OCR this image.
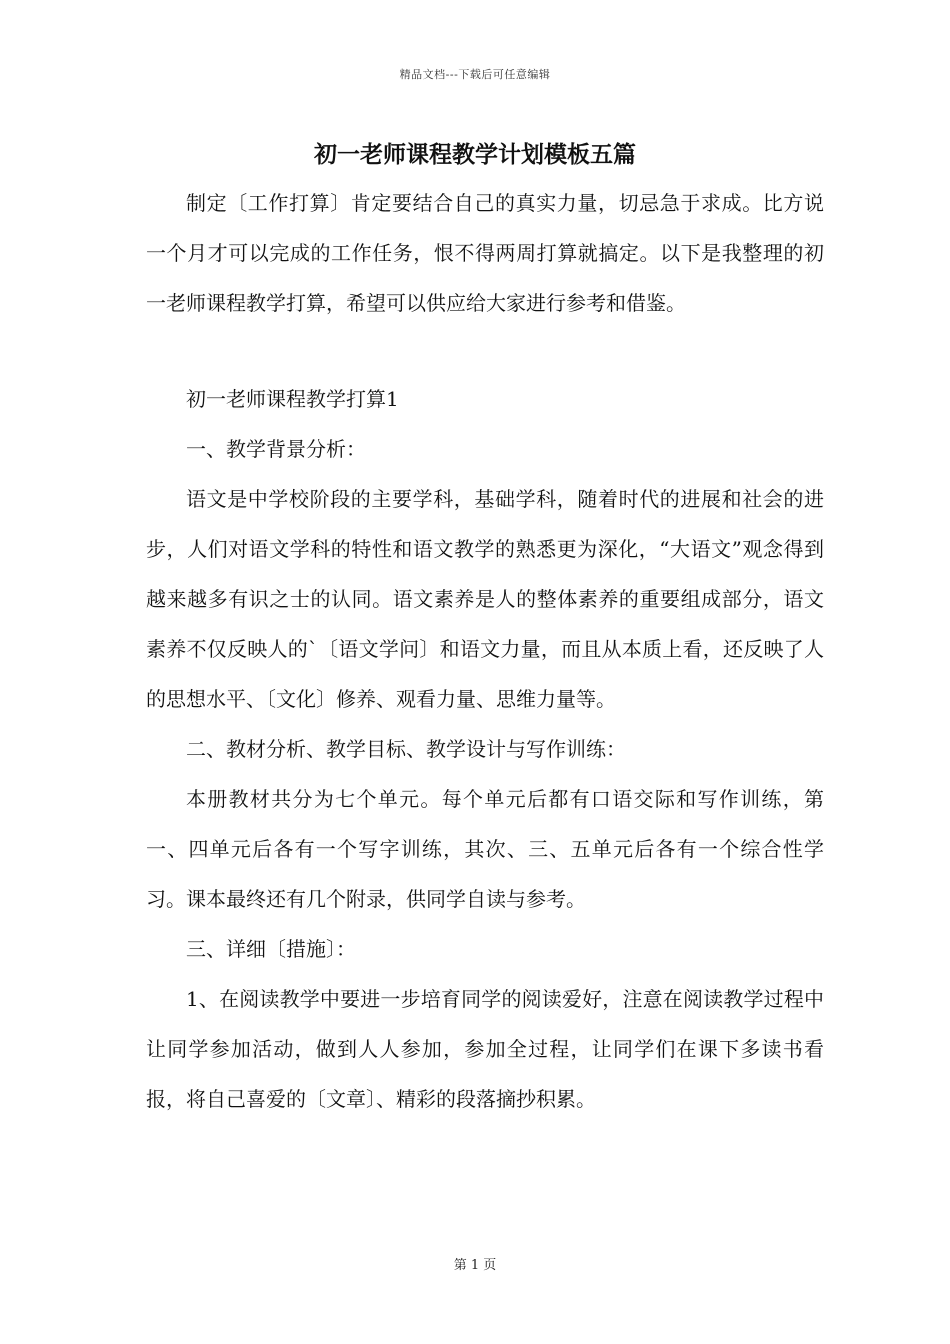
精品文档---下载后可任意编辑
初一老师课程教学计划模板五篇

制定〔工作打算〕肯定要结合自己的真实力量，切忌急于求成。比方说一个月才可以完成的工作任务，恨不得两周打算就搞定。以下是我整理的初一老师课程教学打算，希望可以供应给大家进行参考和借鉴。

初一老师课程教学打算1

一、教学背景分析：

语文是中学校阶段的主要学科，基础学科，随着时代的进展和社会的进步，人们对语文学科的特性和语文教学的熟悉更为深化，“大语文”观念得到越来越多有识之士的认同。语文素养是人的整体素养的重要组成部分，语文素养不仅反映人的`〔语文学问〕和语文力量，而且从本质上看，还反映了人的思想水平、〔文化〕修养、观看力量、思维力量等。

二、教材分析、教学目标、教学设计与写作训练：

本册教材共分为七个单元。每个单元后都有口语交际和写作训练，第一、四单元后各有一个写字训练，其次、三、五单元后各有一个综合性学习。课本最终还有几个附录，供同学自读与参考。

三、详细〔措施〕：

1、在阅读教学中要进一步培育同学的阅读爱好，注意在阅读教学过程中让同学参加活动，做到人人参加，参加全过程，让同学们在课下多读书看报，将自己喜爱的〔文章〕、精彩的段落摘抄积累。

第 1 页
